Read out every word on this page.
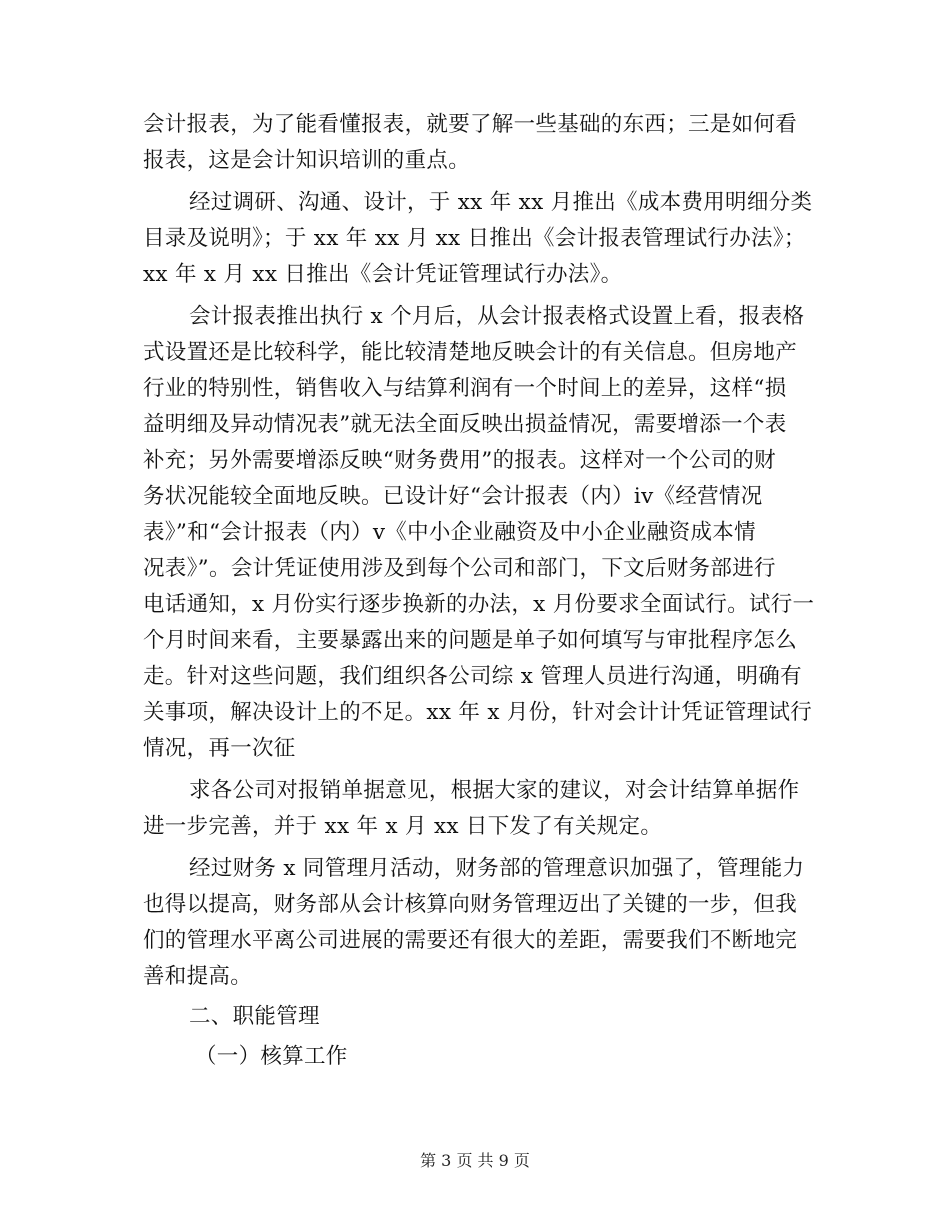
会计报表，为了能看懂报表，就要了解一些基础的东西；三是如何看
报表，这是会计知识培训的重点。
经过调研、沟通、设计，于 xx 年 xx 月推出《成本费用明细分类
目录及说明》；于 xx 年 xx 月 xx 日推出《会计报表管理试行办法》；
xx 年 x 月 xx 日推出《会计凭证管理试行办法》。
会计报表推出执行 x 个月后，从会计报表格式设置上看，报表格
式设置还是比较科学，能比较清楚地反映会计的有关信息。但房地产
行业的特别性，销售收入与结算利润有一个时间上的差异，这样“损
益明细及异动情况表”就无法全面反映出损益情况，需要增添一个表
补充；另外需要增添反映“财务费用”的报表。这样对一个公司的财
务状况能较全面地反映。已设计好“会计报表（内）iv《经营情况
表》”和“会计报表（内）v《中小企业融资及中小企业融资成本情
况表》”。会计凭证使用涉及到每个公司和部门，下文后财务部进行
电话通知，x 月份实行逐步换新的办法，x 月份要求全面试行。试行一
个月时间来看，主要暴露出来的问题是单子如何填写与审批程序怎么
走。针对这些问题，我们组织各公司综 x 管理人员进行沟通，明确有
关事项，解决设计上的不足。xx 年 x 月份，针对会计计凭证管理试行
情况，再一次征
求各公司对报销单据意见，根据大家的建议，对会计结算单据作
进一步完善，并于 xx 年 x 月 xx 日下发了有关规定。
经过财务 x 同管理月活动，财务部的管理意识加强了，管理能力
也得以提高，财务部从会计核算向财务管理迈出了关键的一步，但我
们的管理水平离公司进展的需要还有很大的差距，需要我们不断地完
善和提高。
二、职能管理
（一）核算工作
第 3 页 共 9 页
